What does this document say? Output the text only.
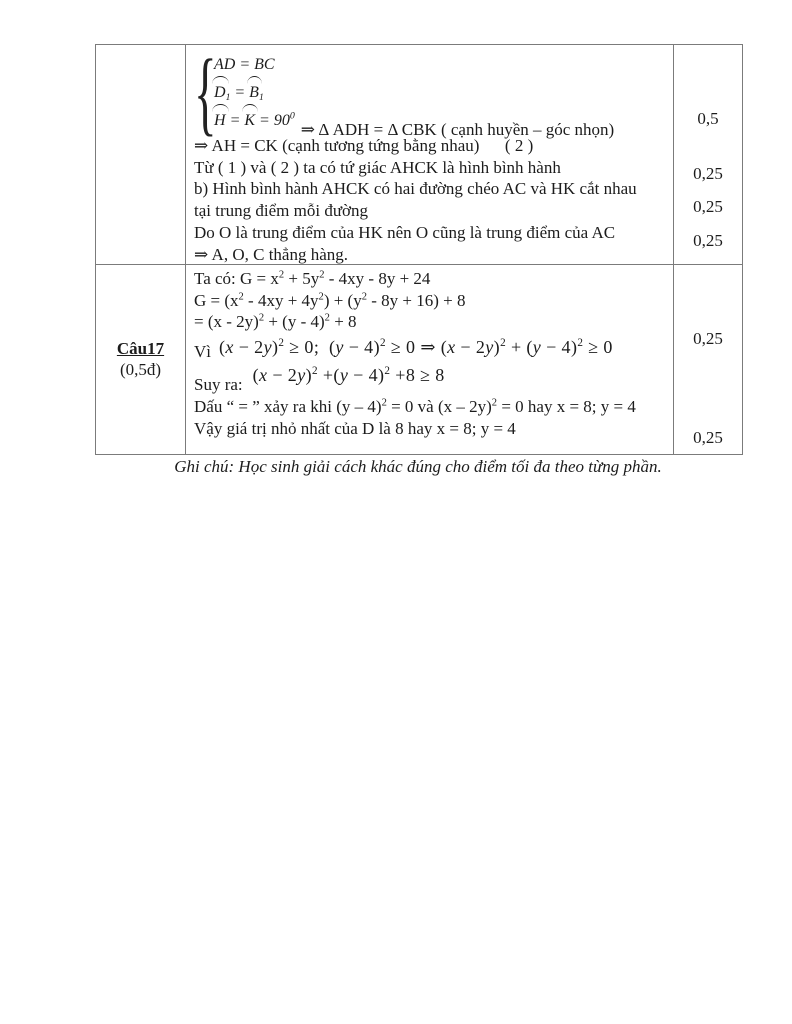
{
AD = BC
$D_1 = B_1$
$H = K = 90^0$
⇒ Δ ADH = Δ CBK ( cạnh huyền – góc nhọn)
⇒ AH = CK (cạnh tương tứng bằng nhau)      ( 2 )
Từ ( 1 ) và ( 2 ) ta có tứ giác AHCK là hình bình hành
b) Hình bình hành AHCK có hai đường chéo AC và HK cắt nhau
tại trung điểm mỗi đường
Do O là trung điểm của HK nên O cũng là trung điểm của AC
⇒ A, O, C thẳng hàng.
0,5
0,25
0,25
0,25
Câu17
(0,5đ)
Ta có: $G = x^2 + 5y^2 - 4xy - 8y + 24$
$G = (x^2 - 4xy + 4y^2) + (y^2 - 8y + 16) + 8$
= (x - 2y)$^2$ + (y - 4)$^2$ + 8
Vì $(x - 2y)^2 \ge 0$;  $(y - 4)^2 \ge 0$ ⇒ $(x - 2y)^2 + (y - 4)^2 \ge 0$
Suy ra: $(x - 2y)^2 +(y - 4)^2 +8 \ge 8$
Dấu “ = ” xảy ra khi (y – 4)$^2$ = 0 và (x – 2y)$^2$ = 0 hay x = 8; y = 4
Vậy giá trị nhỏ nhất của D là 8 hay x = 8; y = 4
0,25
0,25
Ghi chú: Học sinh giải cách khác đúng cho điểm tối đa theo từng phần.
